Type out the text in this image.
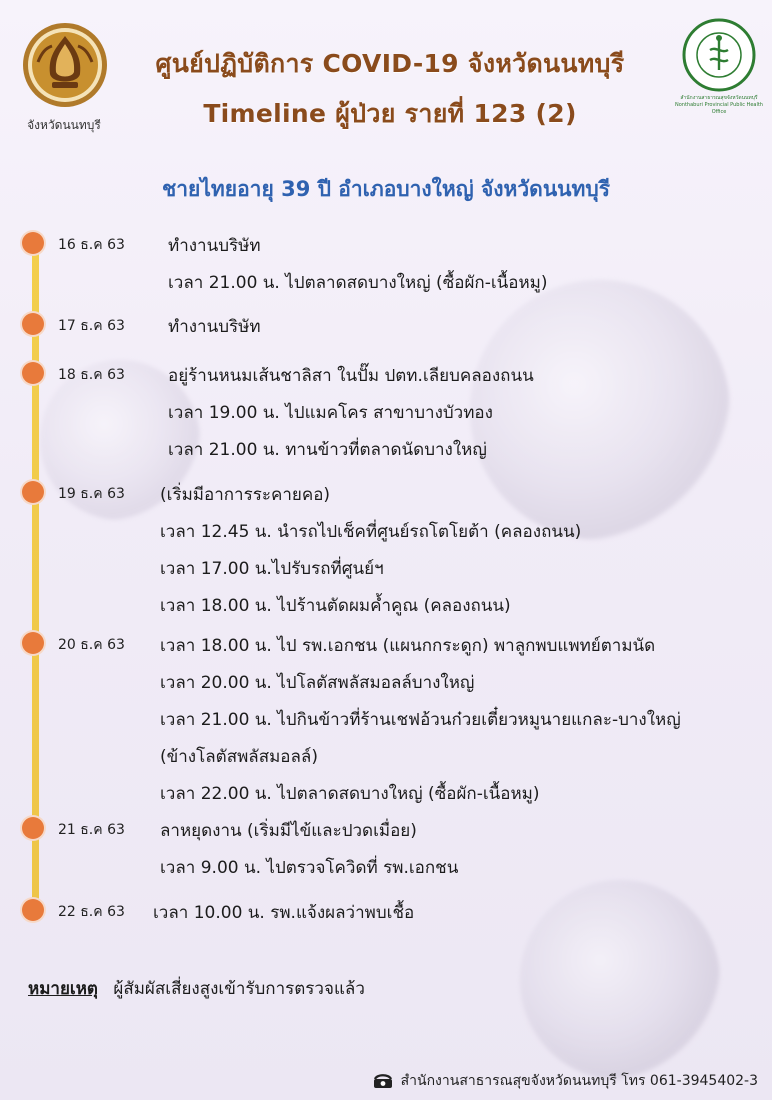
จังหวัดนนทบุรี
ศูนย์ปฏิบัติการ COVID-19 จังหวัดนนทบุรี
Timeline ผู้ป่วย รายที่ 123 (2)
สำนักงานสาธารณสุขจังหวัดนนทบุรี Nonthaburi Provincial Public Health Office
ชายไทยอายุ 39 ปี อำเภอบางใหญ่ จังหวัดนนทบุรี
16 ธ.ค 63	ทำงานบริษัท
เวลา 21.00 น. ไปตลาดสดบางใหญ่ (ซื้อผัก-เนื้อหมู)
17 ธ.ค 63	ทำงานบริษัท
18 ธ.ค 63	อยู่ร้านหนมเส้นชาลิสา ในปั๊ม ปตท.เลียบคลองถนน
เวลา 19.00 น. ไปแมคโคร สาขาบางบัวทอง
เวลา 21.00 น. ทานข้าวที่ตลาดนัดบางใหญ่
19 ธ.ค 63 (เริ่มมีอาการระคายคอ)
เวลา 12.45 น. นำรถไปเช็คที่ศูนย์รถโตโยต้า (คลองถนน)
เวลา 17.00 น.ไปรับรถที่ศูนย์ฯ
เวลา 18.00 น. ไปร้านตัดผมค้ำคูณ (คลองถนน)
20 ธ.ค 63 เวลา 18.00 น. ไป รพ.เอกชน (แผนกกระดูก) พาลูกพบแพทย์ตามนัด
เวลา 20.00 น. ไปโลตัสพลัสมอลล์บางใหญ่
เวลา 21.00 น. ไปกินข้าวที่ร้านเชฟอ้วนก๋วยเตี๋ยวหมูนายแกละ-บางใหญ่
(ข้างโลตัสพลัสมอลล์)
เวลา 22.00 น. ไปตลาดสดบางใหญ่ (ซื้อผัก-เนื้อหมู)
21 ธ.ค 63 ลาหยุดงาน (เริ่มมีไข้และปวดเมื่อย)
เวลา 9.00 น. ไปตรวจโควิดที่ รพ.เอกชน
22 ธ.ค 63 เวลา 10.00 น. รพ.แจ้งผลว่าพบเชื้อ
หมายเหตุ ผู้สัมผัสเสี่ยงสูงเข้ารับการตรวจแล้ว
สำนักงานสาธารณสุขจังหวัดนนทบุรี โทร 061-3945402-3
